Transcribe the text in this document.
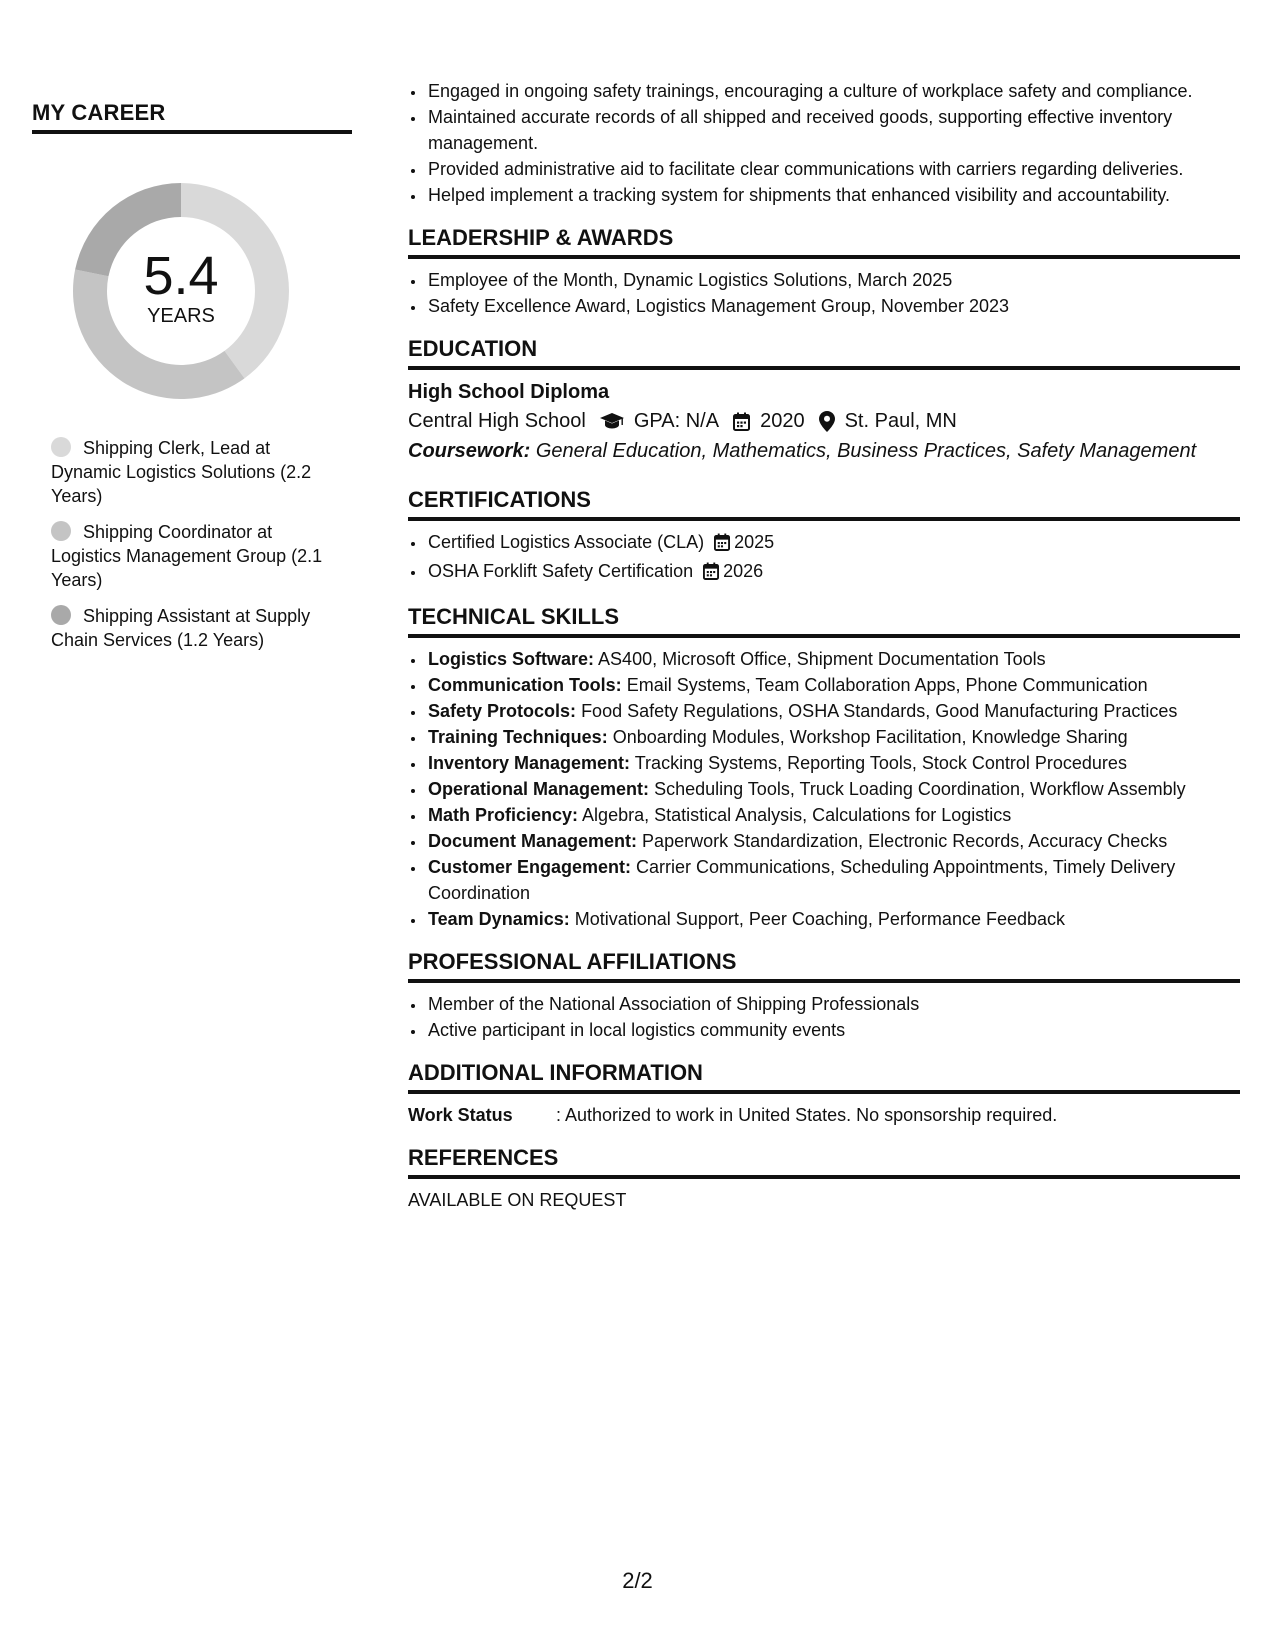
MY CAREER
5.4
YEARS
Shipping Clerk, Lead at Dynamic Logistics Solutions (2.2 Years)
Shipping Coordinator at Logistics Management Group (2.1 Years)
Shipping Assistant at Supply Chain Services (1.2 Years)
• Engaged in ongoing safety trainings, encouraging a culture of workplace safety and compliance.
• Maintained accurate records of all shipped and received goods, supporting effective inventory management.
• Provided administrative aid to facilitate clear communications with carriers regarding deliveries.
• Helped implement a tracking system for shipments that enhanced visibility and accountability.
LEADERSHIP & AWARDS
• Employee of the Month, Dynamic Logistics Solutions, March 2025
• Safety Excellence Award, Logistics Management Group, November 2023
EDUCATION
High School Diploma
Central High School GPA: N/A 2020 St. Paul, MN
Coursework: General Education, Mathematics, Business Practices, Safety Management
CERTIFICATIONS
• Certified Logistics Associate (CLA) 2025
• OSHA Forklift Safety Certification 2026
TECHNICAL SKILLS
• Logistics Software: AS400, Microsoft Office, Shipment Documentation Tools
• Communication Tools: Email Systems, Team Collaboration Apps, Phone Communication
• Safety Protocols: Food Safety Regulations, OSHA Standards, Good Manufacturing Practices
• Training Techniques: Onboarding Modules, Workshop Facilitation, Knowledge Sharing
• Inventory Management: Tracking Systems, Reporting Tools, Stock Control Procedures
• Operational Management: Scheduling Tools, Truck Loading Coordination, Workflow Assembly
• Math Proficiency: Algebra, Statistical Analysis, Calculations for Logistics
• Document Management: Paperwork Standardization, Electronic Records, Accuracy Checks
• Customer Engagement: Carrier Communications, Scheduling Appointments, Timely Delivery Coordination
• Team Dynamics: Motivational Support, Peer Coaching, Performance Feedback
PROFESSIONAL AFFILIATIONS
• Member of the National Association of Shipping Professionals
• Active participant in local logistics community events
ADDITIONAL INFORMATION
Work Status	: Authorized to work in United States. No sponsorship required.
REFERENCES
AVAILABLE ON REQUEST
2/2
